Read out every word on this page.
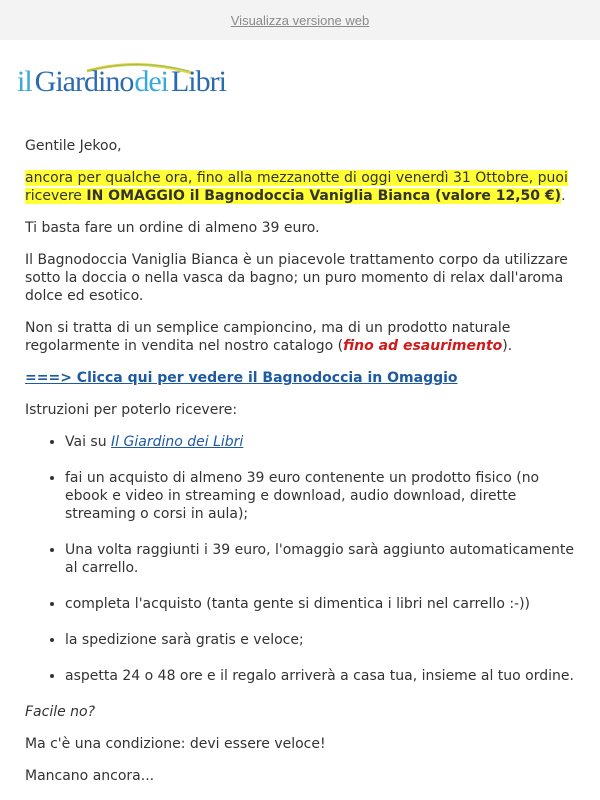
Visualizza versione web
il Giardinodei Libri

Gentile Jekoo,

ancora per qualche ora, fino alla mezzanotte di oggi venerdì 31 Ottobre, puoi ricevere IN OMAGGIO il Bagnodoccia Vaniglia Bianca (valore 12,50 €).

Ti basta fare un ordine di almeno 39 euro.

Il Bagnodoccia Vaniglia Bianca è un piacevole trattamento corpo da utilizzare sotto la doccia o nella vasca da bagno; un puro momento di relax dall'aroma dolce ed esotico.

Non si tratta di un semplice campioncino, ma di un prodotto naturale regolarmente in vendita nel nostro catalogo (fino ad esaurimento).

===> Clicca qui per vedere il Bagnodoccia in Omaggio

Istruzioni per poterlo ricevere:

• Vai su Il Giardino dei Libri
• fai un acquisto di almeno 39 euro contenente un prodotto fisico (no ebook e video in streaming e download, audio download, dirette streaming o corsi in aula);
• Una volta raggiunti i 39 euro, l'omaggio sarà aggiunto automaticamente al carrello.
• completa l'acquisto (tanta gente si dimentica i libri nel carrello :-))
• la spedizione sarà gratis e veloce;
• aspetta 24 o 48 ore e il regalo arriverà a casa tua, insieme al tuo ordine.

Facile no?

Ma c'è una condizione: devi essere veloce!

Mancano ancora...
